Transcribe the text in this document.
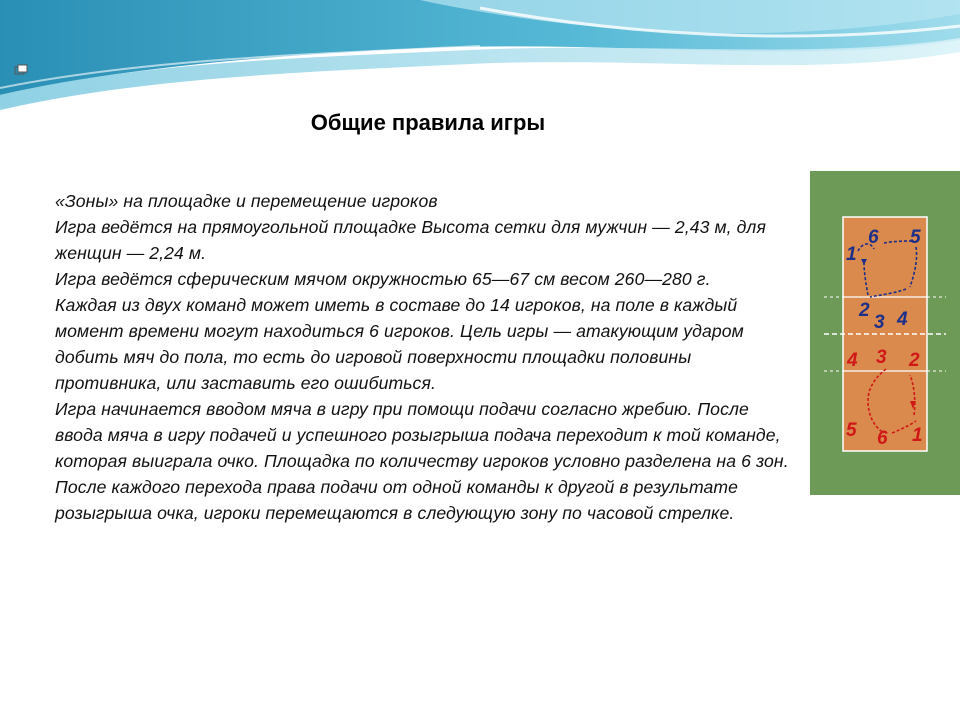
Общие правила игры

«Зоны» на площадке и перемещение игроков

Игра ведётся на прямоугольной площадке Высота сетки для мужчин — 2,43 м, для женщин — 2,24 м.

Игра ведётся сферическим мячом окружностью 65—67 см весом 260—280 г.

Каждая из двух команд может иметь в составе до 14 игроков, на поле в каждый момент времени могут находиться 6 игроков. Цель игры — атакующим ударом добить мяч до пола, то есть до игровой поверхности площадки половины противника, или заставить его ошибиться.

Игра начинается вводом мяча в игру при помощи подачи согласно жребию. После ввода мяча в игру подачей и успешного розыгрыша подача переходит к той команде, которая выиграла очко. Площадка по количеству игроков условно разделена на 6 зон. После каждого перехода права подачи от одной команды к другой в результате розыгрыша очка, игроки перемещаются в следующую зону по часовой стрелке.

1
6 5
2
3 4
4 3 2
5 6 1
